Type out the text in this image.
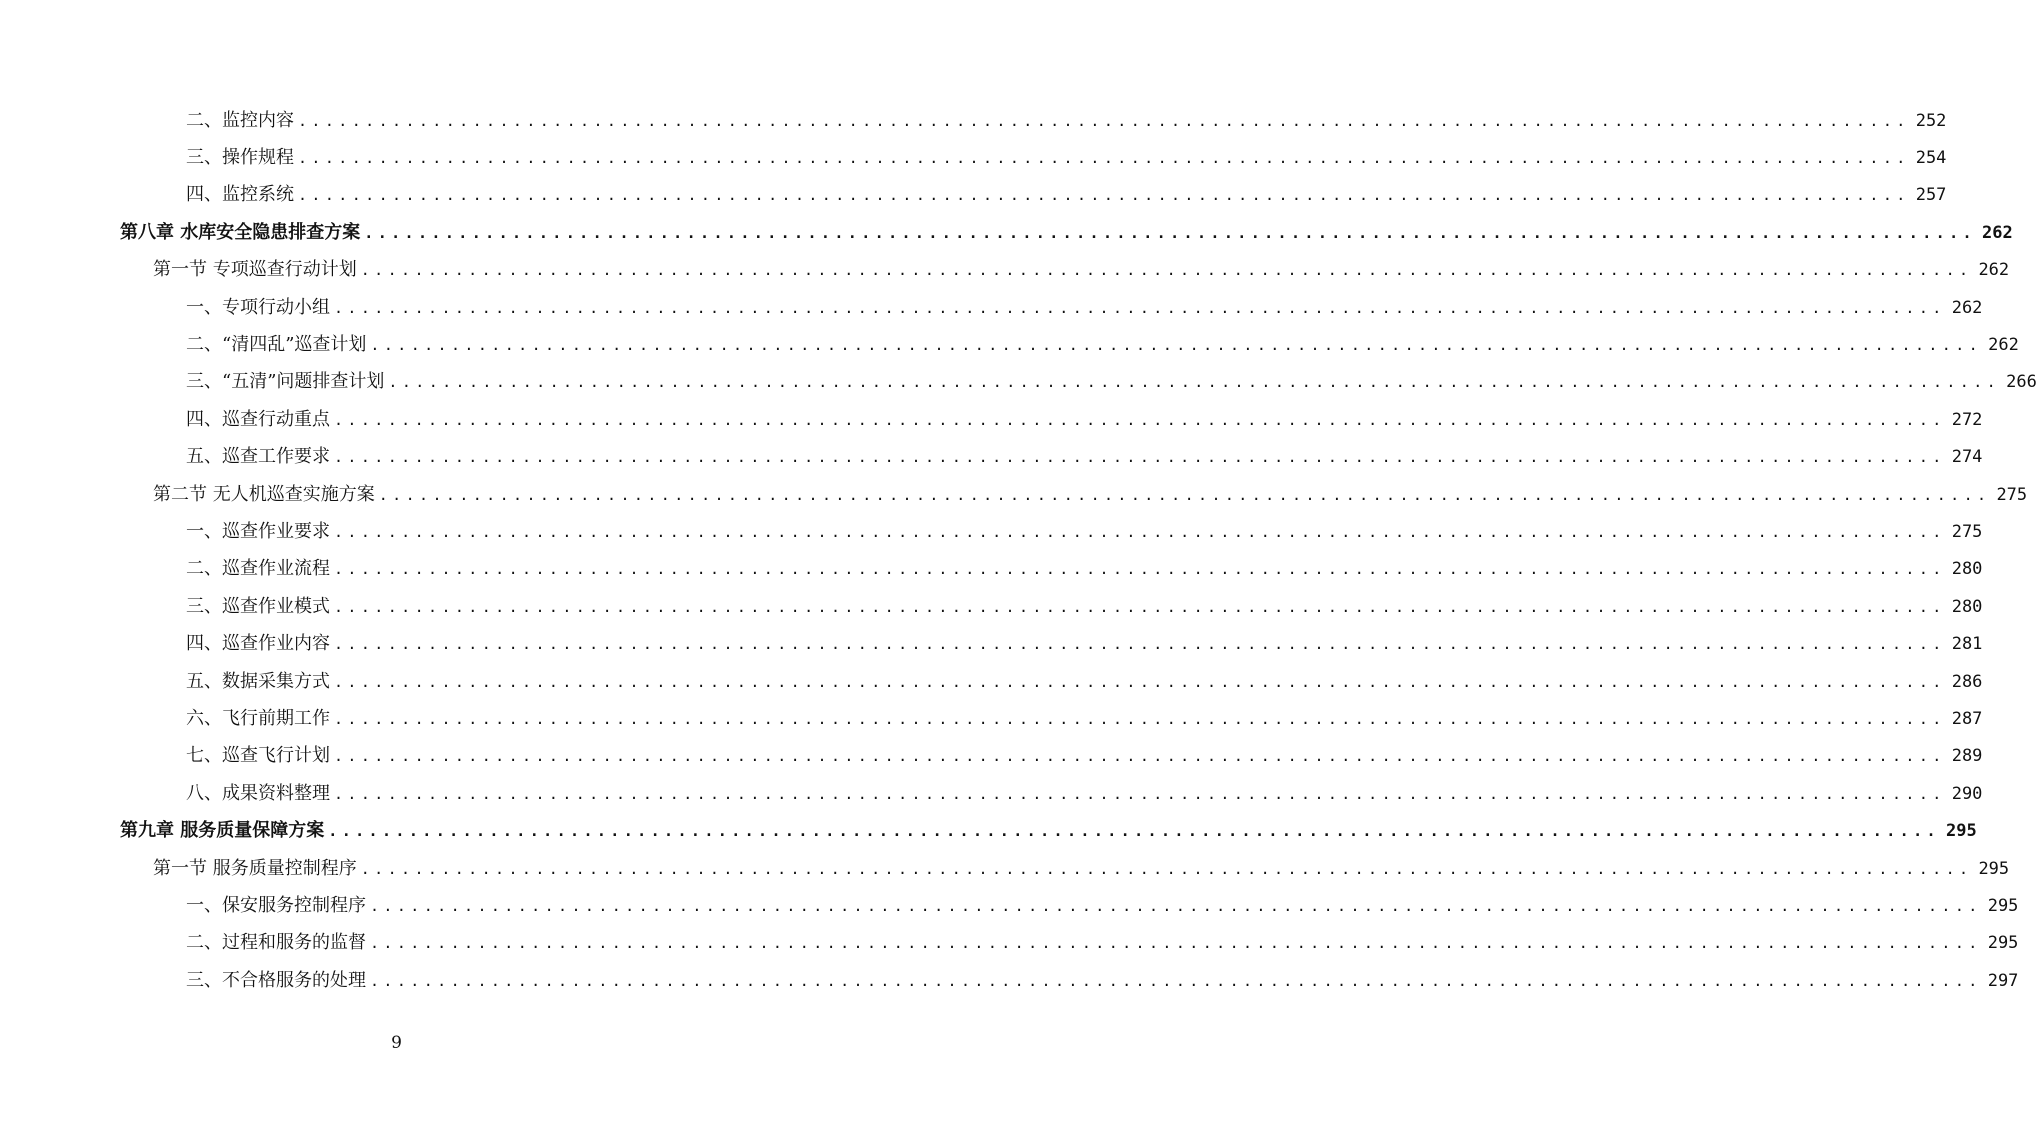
二、监控内容 ........................................................................................................................ 252
三、操作规程 ........................................................................................................................ 254
四、监控系统 ........................................................................................................................ 257
第八章 水库安全隐患排查方案 ........................................................................................................................ 262
第一节 专项巡查行动计划 ........................................................................................................................ 262
一、专项行动小组 ........................................................................................................................ 262
二、“清四乱”巡查计划 ........................................................................................................................ 262
三、“五清”问题排查计划 ........................................................................................................................ 266
四、巡查行动重点 ........................................................................................................................ 272
五、巡查工作要求 ........................................................................................................................ 274
第二节 无人机巡查实施方案 ........................................................................................................................ 275
一、巡查作业要求 ........................................................................................................................ 275
二、巡查作业流程 ........................................................................................................................ 280
三、巡查作业模式 ........................................................................................................................ 280
四、巡查作业内容 ........................................................................................................................ 281
五、数据采集方式 ........................................................................................................................ 286
六、飞行前期工作 ........................................................................................................................ 287
七、巡查飞行计划 ........................................................................................................................ 289
八、成果资料整理 ........................................................................................................................ 290
第九章 服务质量保障方案 ........................................................................................................................ 295
第一节 服务质量控制程序 ........................................................................................................................ 295
一、保安服务控制程序 ........................................................................................................................ 295
二、过程和服务的监督 ........................................................................................................................ 295
三、不合格服务的处理 ........................................................................................................................ 297
9
